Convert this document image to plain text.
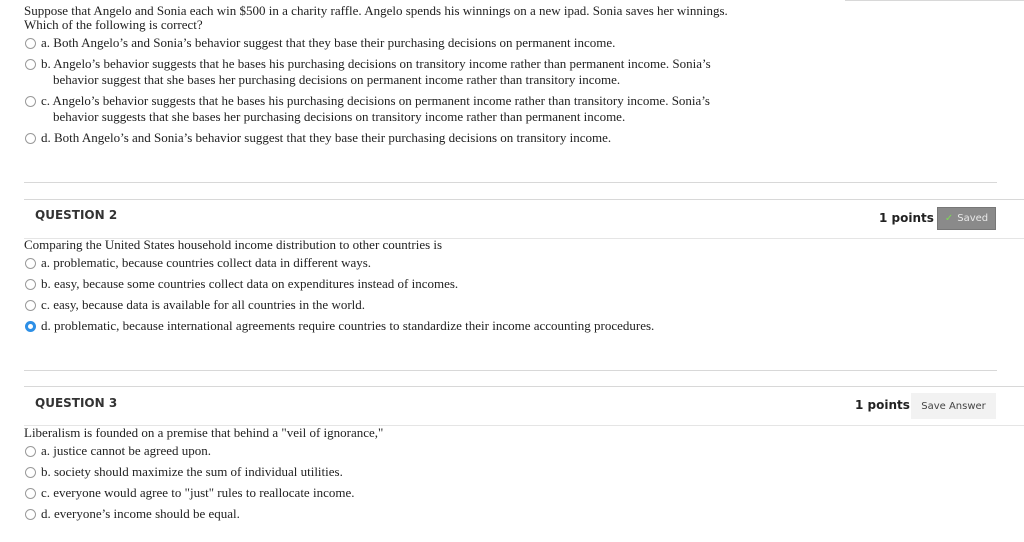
Suppose that Angelo and Sonia each win $500 in a charity raffle. Angelo spends his winnings on a new ipad. Sonia saves her winnings.
Which of the following is correct?
a. Both Angelo’s and Sonia’s behavior suggest that they base their purchasing decisions on permanent income.
b. Angelo’s behavior suggests that he bases his purchasing decisions on transitory income rather than permanent income. Sonia’s
behavior suggest that she bases her purchasing decisions on permanent income rather than transitory income.
c. Angelo’s behavior suggests that he bases his purchasing decisions on permanent income rather than transitory income. Sonia’s
behavior suggests that she bases her purchasing decisions on transitory income rather than permanent income.
d. Both Angelo’s and Sonia’s behavior suggest that they base their purchasing decisions on transitory income.
QUESTION 2	1 points ✓ Saved
Comparing the United States household income distribution to other countries is
a. problematic, because countries collect data in different ways.
b. easy, because some countries collect data on expenditures instead of incomes.
c. easy, because data is available for all countries in the world.
d. problematic, because international agreements require countries to standardize their income accounting procedures.
QUESTION 3	1 points	Save Answer
Liberalism is founded on a premise that behind a "veil of ignorance,"
a. justice cannot be agreed upon.
b. society should maximize the sum of individual utilities.
c. everyone would agree to "just" rules to reallocate income.
d. everyone’s income should be equal.
